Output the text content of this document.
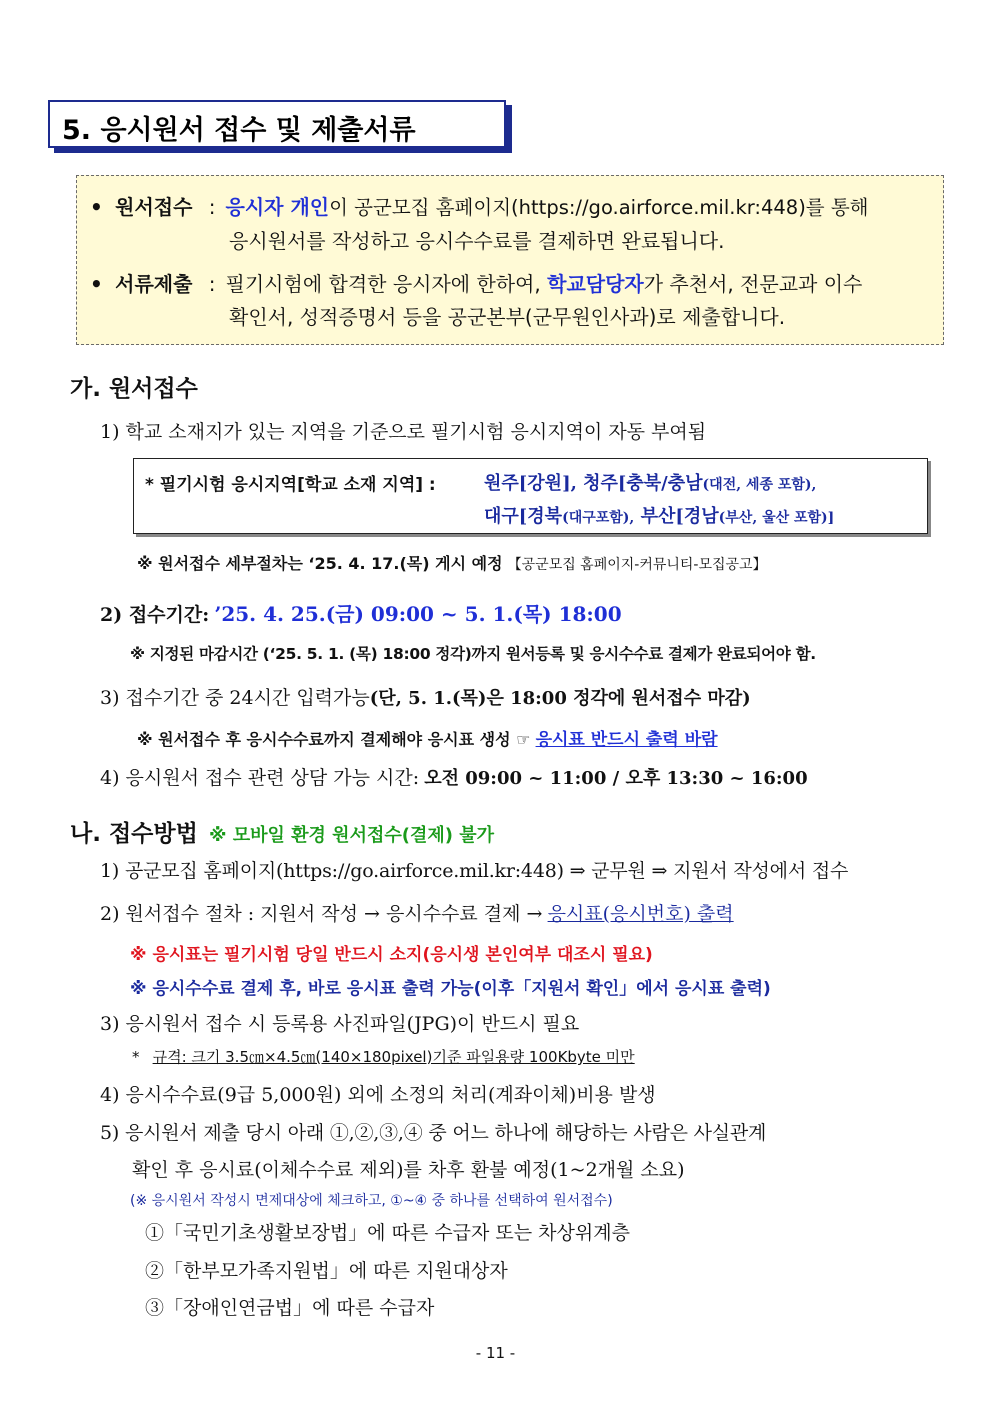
5. 응시원서 접수 및 제출서류
• 원서접수 : 응시자 개인이 공군모집 홈페이지(https://go.airforce.mil.kr:448)를 통해
응시원서를 작성하고 응시수수료를 결제하면 완료됩니다.
• 서류제출 : 필기시험에 합격한 응시자에 한하여, 학교담당자가 추천서, 전문교과 이수
확인서, 성적증명서 등을 공군본부(군무원인사과)로 제출합니다.
가. 원서접수
1) 학교 소재지가 있는 지역을 기준으로 필기시험 응시지역이 자동 부여됨
* 필기시험 응시지역[학교 소재 지역] :	원주[강원], 청주[충북/충남(대전, 세종 포함),
대구[경북(대구포함), 부산[경남(부산, 울산 포함)]
※ 원서접수 세부절차는 ‘25. 4. 17.(목) 게시 예정 【공군모집 홈페이지-커뮤니티-모집공고】
2) 접수기간: ’25. 4. 25.(금) 09:00 ~ 5. 1.(목) 18:00
※ 지정된 마감시간 (‘25. 5. 1. (목) 18:00 정각)까지 원서등록 및 응시수수료 결제가 완료되어야 함.
3) 접수기간 중 24시간 입력가능(단, 5. 1.(목)은 18:00 정각에 원서접수 마감)
※ 원서접수 후 응시수수료까지 결제해야 응시표 생성 ☞ 응시표 반드시 출력 바람
4) 응시원서 접수 관련 상담 가능 시간: 오전 09:00 ~ 11:00 / 오후 13:30 ~ 16:00
나. 접수방법 ※ 모바일 환경 원서접수(결제) 불가
1) 공군모집 홈페이지(https://go.airforce.mil.kr:448) ⇒ 군무원 ⇒ 지원서 작성에서 접수
2) 원서접수 절차 : 지원서 작성 → 응시수수료 결제 → 응시표(응시번호) 출력
※ 응시표는 필기시험 당일 반드시 소지(응시생 본인여부 대조시 필요)
※ 응시수수료 결제 후, 바로 응시표 출력 가능(이후「지원서 확인」에서 응시표 출력)
3) 응시원서 접수 시 등록용 사진파일(JPG)이 반드시 필요
* 규격: 크기 3.5㎝×4.5㎝(140×180pixel)기준 파일용량 100Kbyte 미만
4) 응시수수료(9급 5,000원) 외에 소정의 처리(계좌이체)비용 발생
5) 응시원서 제출 당시 아래 ①,②,③,④ 중 어느 하나에 해당하는 사람은 사실관계
확인 후 응시료(이체수수료 제외)를 차후 환불 예정(1~2개월 소요)
(※ 응시원서 작성시 면제대상에 체크하고, ①~④ 중 하나를 선택하여 원서접수)
①「국민기초생활보장법」에 따른 수급자 또는 차상위계층
②「한부모가족지원법」에 따른 지원대상자
③「장애인연금법」에 따른 수급자
- 11 -
